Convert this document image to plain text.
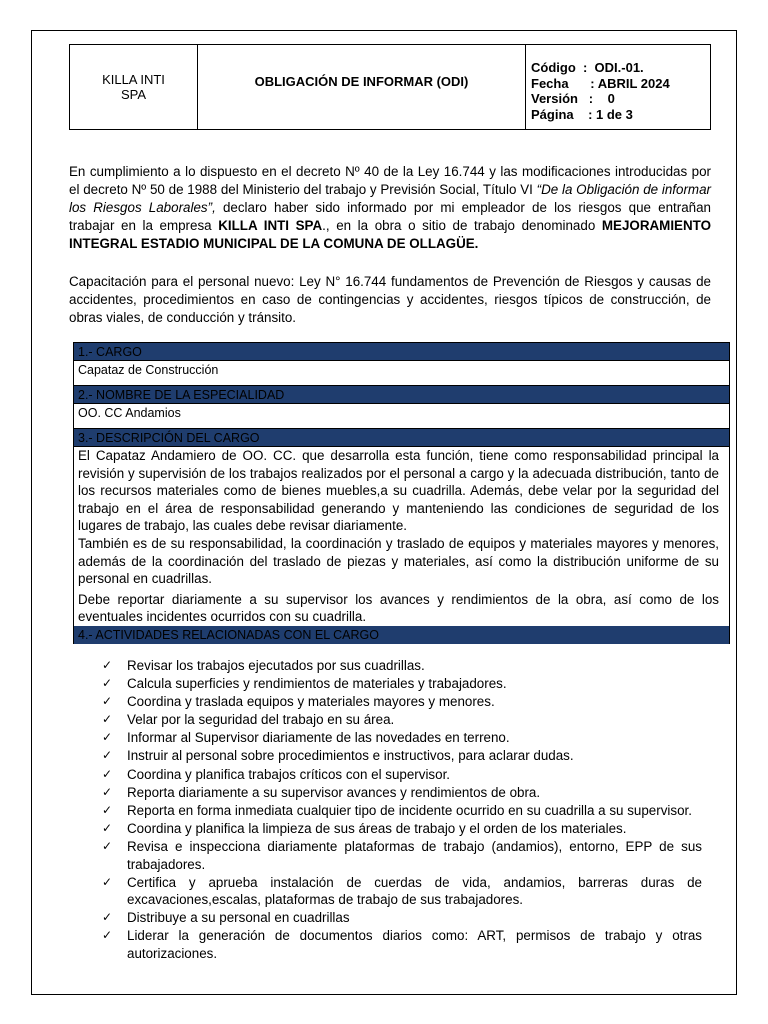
KILLA INTI
SPA
OBLIGACIÓN DE INFORMAR (ODI)
Código :  ODI.-01.
Fecha : ABRIL 2024
Versión :    0
Página : 1 de 3

En cumplimiento a lo dispuesto en el decreto Nº 40 de la Ley 16.744 y las modificaciones introducidas por el decreto Nº 50 de 1988 del Ministerio del trabajo y Previsión Social, Título VI “De la Obligación de informar los Riesgos Laborales”, declaro haber sido informado por mi empleador de los riesgos que entrañan trabajar en la empresa KILLA INTI SPA., en la obra o sitio de trabajo denominado MEJORAMIENTO INTEGRAL ESTADIO MUNICIPAL DE LA COMUNA DE OLLAGÜE.

Capacitación para el personal nuevo: Ley N° 16.744 fundamentos de Prevención de Riesgos y causas de accidentes, procedimientos en caso de contingencias y accidentes, riesgos típicos de construcción, de obras viales, de conducción y tránsito.

1.- CARGO
Capataz de Construcción
2.- NOMBRE DE LA ESPECIALIDAD
OO. CC Andamios
3.- DESCRIPCIÓN DEL CARGO

El Capataz Andamiero de OO. CC. que desarrolla esta función, tiene como responsabilidad principal la revisión y supervisión de los trabajos realizados por el personal a cargo y la adecuada distribución, tanto de los recursos materiales como de bienes muebles,a su cuadrilla. Además, debe velar por la seguridad del trabajo en el área de responsabilidad generando y manteniendo las condiciones de seguridad de los lugares de trabajo, las cuales debe revisar diariamente.

También es de su responsabilidad, la coordinación y traslado de equipos y materiales mayores y menores, además de la coordinación del traslado de piezas y materiales, así como la distribución uniforme de su personal en cuadrillas.

Debe reportar diariamente a su supervisor los avances y rendimientos de la obra, así como de los eventuales incidentes ocurridos con su cuadrilla.

4.- ACTIVIDADES RELACIONADAS CON EL CARGO
✓ Revisar los trabajos ejecutados por sus cuadrillas.
✓ Calcula superficies y rendimientos de materiales y trabajadores.
✓ Coordina y traslada equipos y materiales mayores y menores.
✓ Velar por la seguridad del trabajo en su área.
✓ Informar al Supervisor diariamente de las novedades en terreno.
✓ Instruir al personal sobre procedimientos e instructivos, para aclarar dudas.
✓ Coordina y planifica trabajos críticos con el supervisor.
✓ Reporta diariamente a su supervisor avances y rendimientos de obra.
✓ Reporta en forma inmediata cualquier tipo de incidente ocurrido en su cuadrilla a su supervisor.
✓ Coordina y planifica la limpieza de sus áreas de trabajo y el orden de los materiales.
✓ Revisa e inspecciona diariamente plataformas de trabajo (andamios), entorno, EPP de sus trabajadores.
✓ Certifica y aprueba instalación de cuerdas de vida, andamios, barreras duras de excavaciones,escalas, plataformas de trabajo de sus trabajadores.
✓ Distribuye a su personal en cuadrillas
✓ Liderar la generación de documentos diarios como: ART, permisos de trabajo y otras autorizaciones.
